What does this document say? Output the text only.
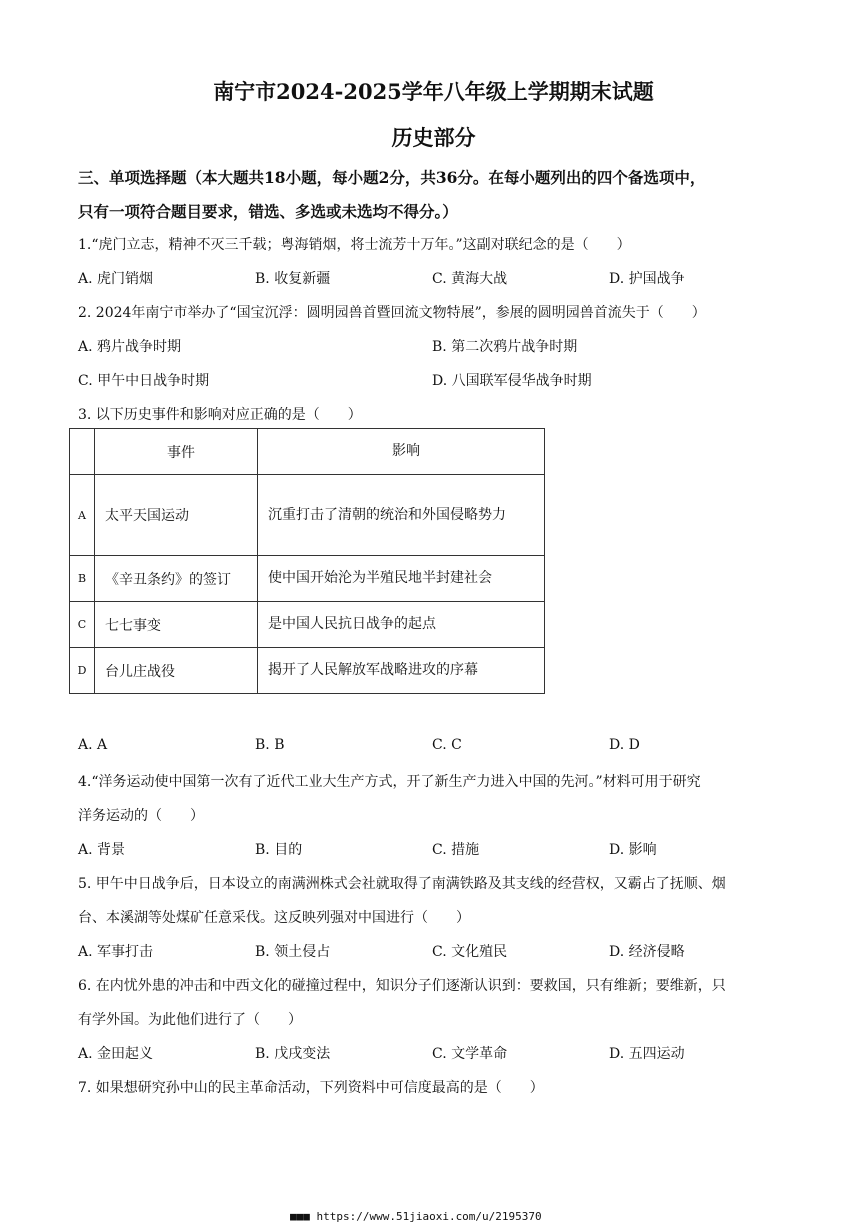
南宁市2024-2025学年八年级上学期期末试题
历史部分
三、单项选择题（本大题共18小题，每小题2分，共36分。在每小题列出的四个备选项中，
只有一项符合题目要求，错选、多选或未选均不得分。）
1.“虎门立志，精神不灭三千载；粤海销烟，将士流芳十万年。”这副对联纪念的是（　　）
A. 虎门销烟	B. 收复新疆	C. 黄海大战	D. 护国战争
2. 2024年南宁市举办了“国宝沉浮：圆明园兽首暨回流文物特展”，参展的圆明园兽首流失于（　　）
A. 鸦片战争时期	B. 第二次鸦片战争时期
C. 甲午中日战争时期	D. 八国联军侵华战争时期
3. 以下历史事件和影响对应正确的是（　　）
	事件	影响
A	太平天国运动	沉重打击了清朝的统治和外国侵略势力
B	《辛丑条约》的签订	使中国开始沦为半殖民地半封建社会
C	七七事变	是中国人民抗日战争的起点
D	台儿庄战役	揭开了人民解放军战略进攻的序幕
A. A	B. B	C. C	D. D
4.“洋务运动使中国第一次有了近代工业大生产方式，开了新生产力进入中国的先河。”材料可用于研究
洋务运动的（　　）
A. 背景	B. 目的	C. 措施	D. 影响
5. 甲午中日战争后，日本设立的南满洲株式会社就取得了南满铁路及其支线的经营权，又霸占了抚顺、烟
台、本溪湖等处煤矿任意采伐。这反映列强对中国进行（　　）
A. 军事打击	B. 领土侵占	C. 文化殖民	D. 经济侵略
6. 在内忧外患的冲击和中西文化的碰撞过程中，知识分子们逐渐认识到：要救国，只有维新；要维新，只
有学外国。为此他们进行了（　　）
A. 金田起义	B. 戊戌变法	C. 文学革命	D. 五四运动
7. 如果想研究孙中山的民主革命活动，下列资料中可信度最高的是（　　）
■■■ https://www.51jiaoxi.com/u/2195370
